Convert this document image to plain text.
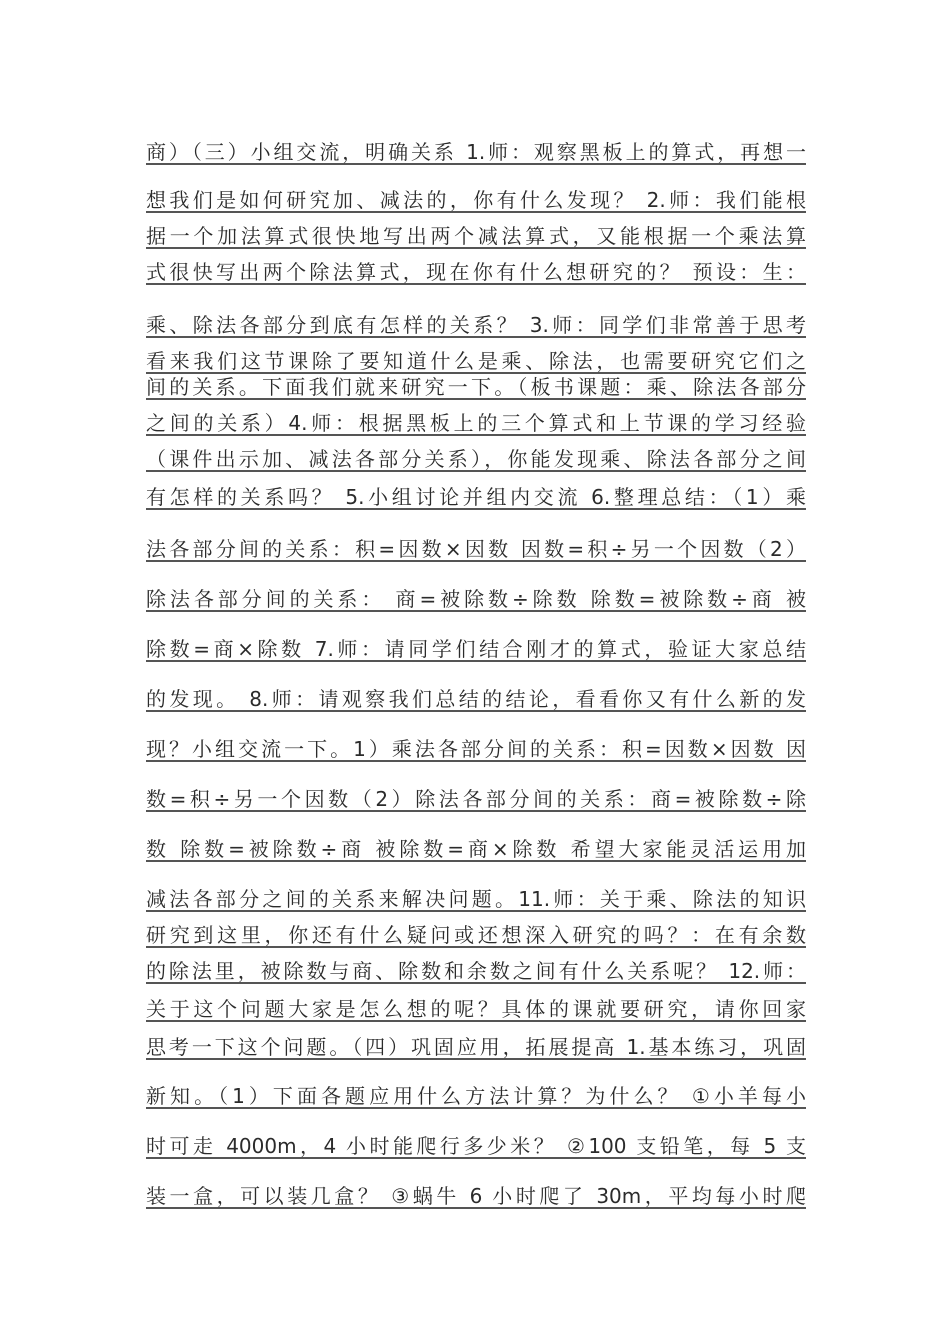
商）（三）小组交流，明确关系 1.师：观察黑板上的算式，再想一
想我们是如何研究加、减法的，你有什么发现？ 2.师：我们能根
据一个加法算式很快地写出两个减法算式，又能根据一个乘法算
式很快写出两个除法算式，现在你有什么想研究的？ 预设：生：
乘、除法各部分到底有怎样的关系？ 3.师：同学们非常善于思考
看来我们这节课除了要知道什么是乘、除法，也需要研究它们之
间的关系。下面我们就来研究一下。（板书课题：乘、除法各部分
之间的关系）4.师：根据黑板上的三个算式和上节课的学习经验
（课件出示加、减法各部分关系），你能发现乘、除法各部分之间
有怎样的关系吗？ 5.小组讨论并组内交流 6.整理总结：（1）乘
法各部分间的关系：积=因数×因数 因数=积÷另一个因数（2）
除法各部分间的关系： 商=被除数÷除数 除数=被除数÷商 被
除数=商×除数 7.师：请同学们结合刚才的算式，验证大家总结
的发现。 8.师：请观察我们总结的结论，看看你又有什么新的发
现？小组交流一下。1）乘法各部分间的关系：积=因数×因数 因
数=积÷另一个因数（2）除法各部分间的关系：商=被除数÷除
数 除数=被除数÷商 被除数=商×除数 希望大家能灵活运用加
减法各部分之间的关系来解决问题。11.师：关于乘、除法的知识
研究到这里，你还有什么疑问或还想深入研究的吗？：在有余数
的除法里，被除数与商、除数和余数之间有什么关系呢？ 12.师：
关于这个问题大家是怎么想的呢？具体的课就要研究，请你回家
思考一下这个问题。（四）巩固应用，拓展提高 1.基本练习，巩固
新知。（1）下面各题应用什么方法计算？为什么？ ①小羊每小
时可走 4000m，4 小时能爬行多少米？ ②100 支铅笔，每 5 支
装一盒，可以装几盒？ ③蜗牛 6 小时爬了 30m，平均每小时爬
